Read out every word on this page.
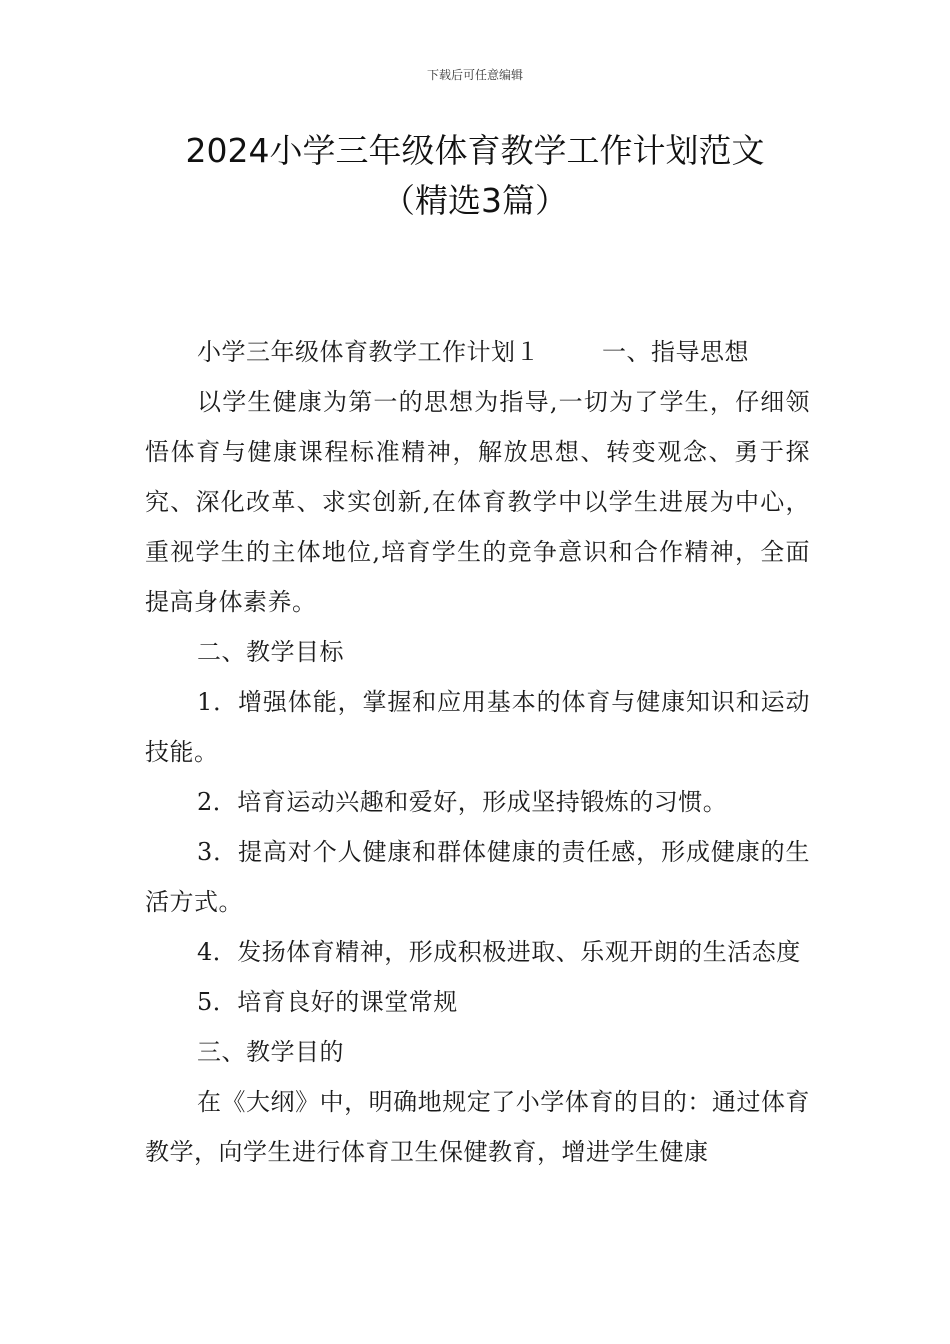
下载后可任意编辑
2024小学三年级体育教学工作计划范文
（精选3篇）

小学三年级体育教学工作计划１	一、指导思想

以学生健康为第一的思想为指导,一切为了学生，仔细领悟体育与健康课程标准精神，解放思想、转变观念、勇于探究、深化改革、求实创新,在体育教学中以学生进展为中心，重视学生的主体地位,培育学生的竞争意识和合作精神，全面提高身体素养。

二、教学目标

1．增强体能，掌握和应用基本的体育与健康知识和运动技能。

2．培育运动兴趣和爱好，形成坚持锻炼的习惯。

3．提高对个人健康和群体健康的责任感，形成健康的生活方式。

4．发扬体育精神，形成积极进取、乐观开朗的生活态度

5．培育良好的课堂常规

三、教学目的

在《大纲》中，明确地规定了小学体育的目的：通过体育教学，向学生进行体育卫生保健教育，增进学生健康
